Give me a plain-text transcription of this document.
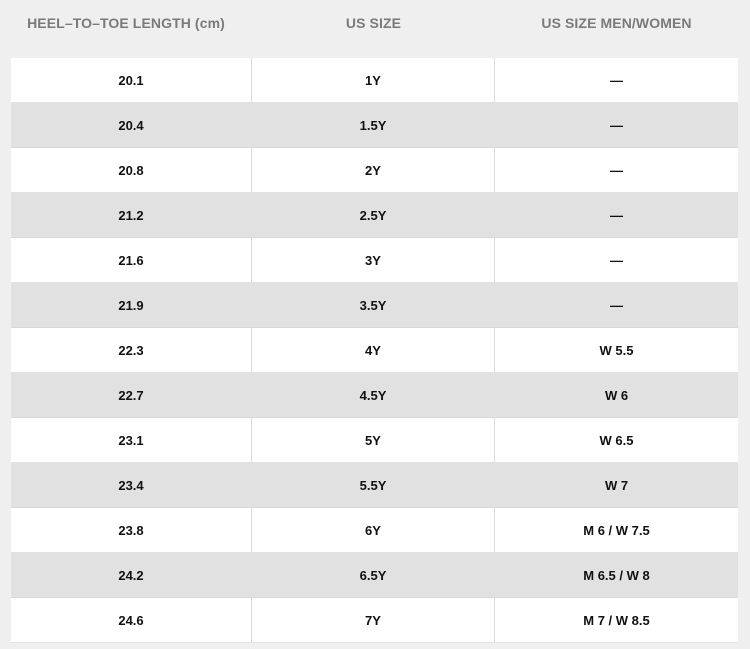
HEEL–TO–TOE LENGTH (cm)	US SIZE	US SIZE MEN/WOMEN
20.1	1Y	—
20.4	1.5Y	—
20.8	2Y	—
21.2	2.5Y	—
21.6	3Y	—
21.9	3.5Y	—
22.3	4Y	W 5.5
22.7	4.5Y	W 6
23.1	5Y	W 6.5
23.4	5.5Y	W 7
23.8	6Y	M 6 / W 7.5
24.2	6.5Y	M 6.5 / W 8
24.6	7Y	M 7 / W 8.5
